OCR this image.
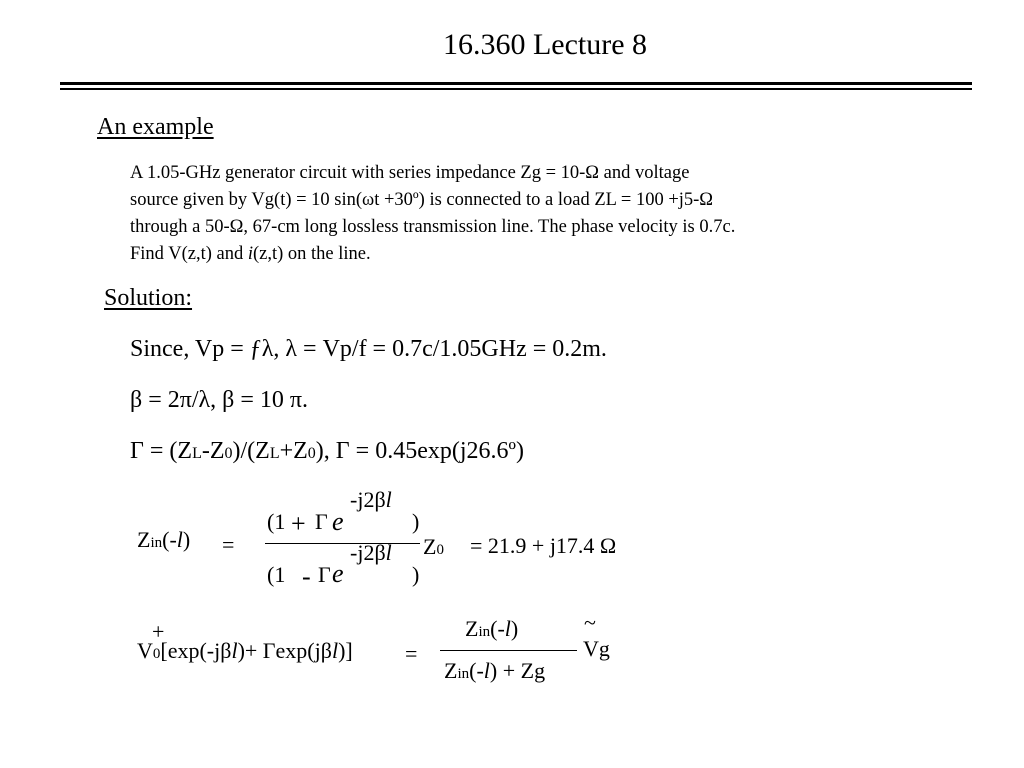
16.360 Lecture 8
An example
A 1.05-GHz generator circuit with series impedance Zg = 10-Ω and voltage
source given by Vg(t) = 10 sin(ωt +30º) is connected to a load ZL = 100 +j5-Ω
through a 50-Ω, 67-cm long lossless transmission line. The phase velocity is 0.7c.
Find V(z,t) and i(z,t) on the line.
Solution:
Since, Vp = ƒλ, λ = Vp/f = 0.7c/1.05GHz = 0.2m.
β = 2π/λ, β = 10 π.
Γ = (ZL-Z0)/(ZL+Z0), Γ = 0.45exp(j26.6º)
Zin(-l) =
(1 + Γ e
-j2βl
)
(1 - Γ e
-j2βl
)
Z0 = 21.9 + j17.4 Ω
+
V0[exp(-jβl)+ Γexp(jβl)] =
Zin(-l)
Zin(-l) + Zg
~
Vg
